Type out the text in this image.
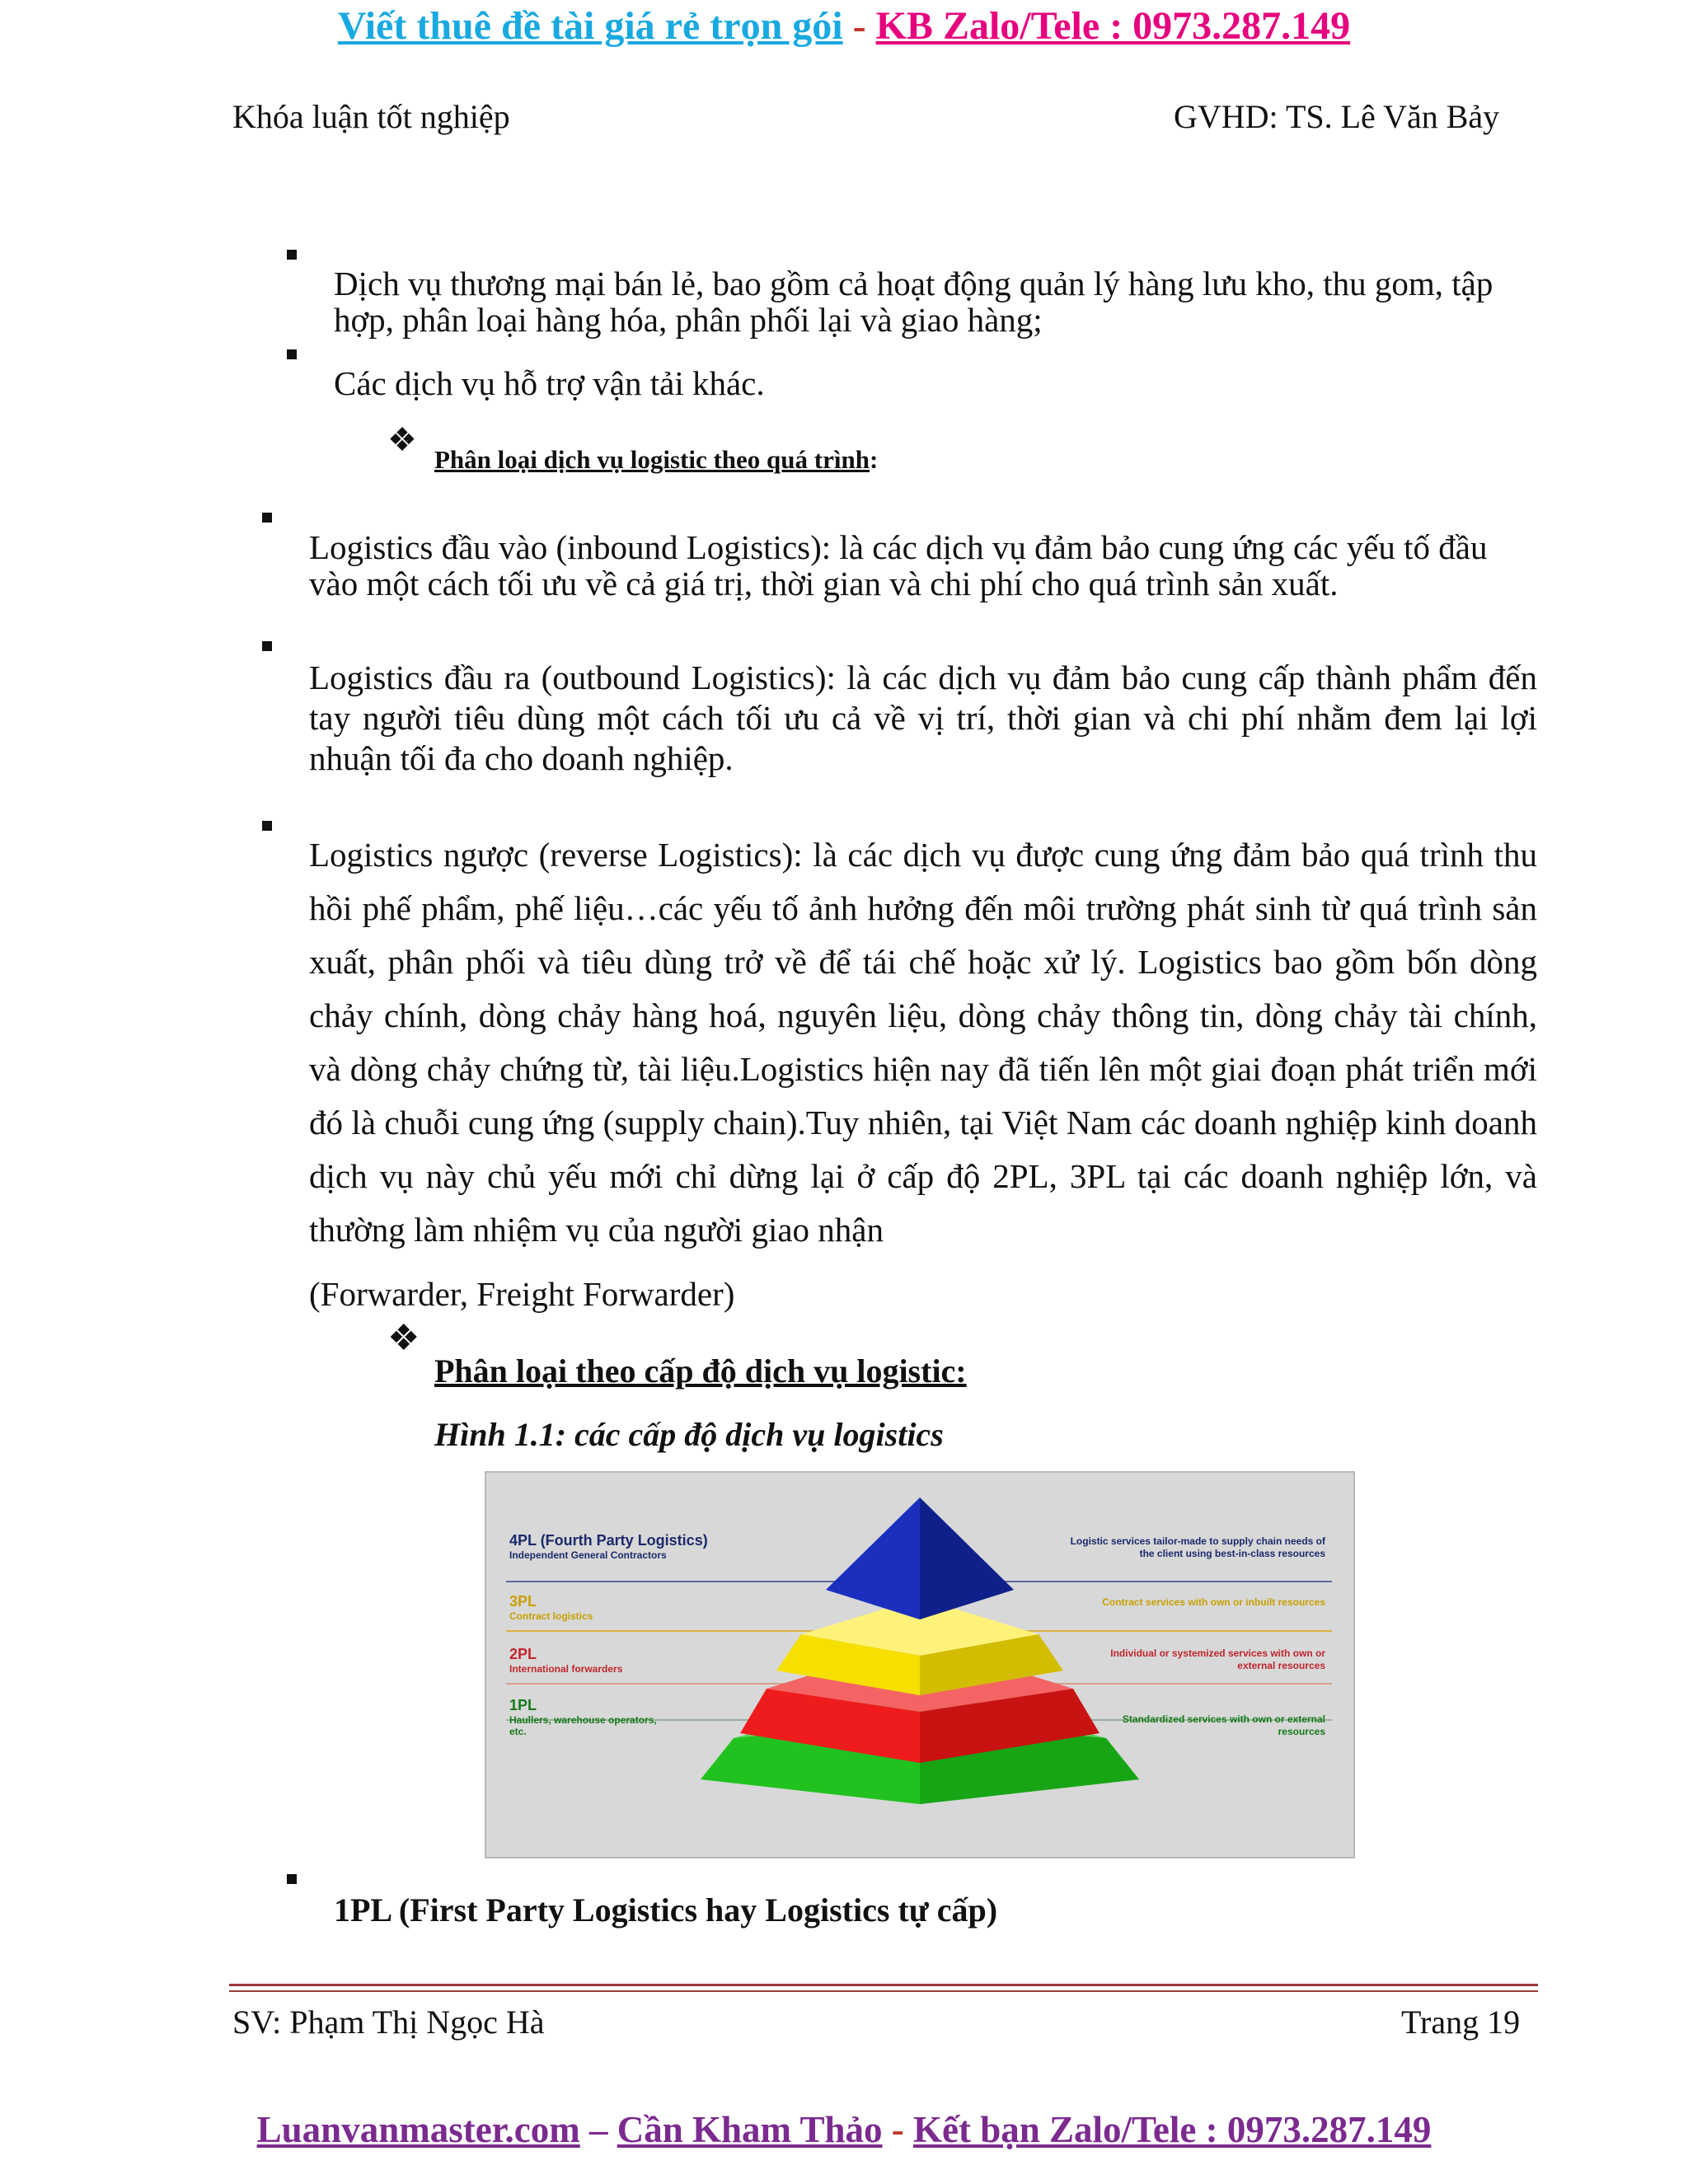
Viết thuê đề tài giá rẻ trọn gói - KB Zalo/Tele : 0973.287.149
Khóa luận tốt nghiệp	GVHD: TS. Lê Văn Bảy
Dịch vụ thương mại bán lẻ, bao gồm cả hoạt động quản lý hàng lưu kho, thu gom, tập hợp, phân loại hàng hóa, phân phối lại và giao hàng;
Các dịch vụ hỗ trợ vận tải khác.
❖
Phân loại dịch vụ logistic theo quá trình:
Logistics đầu vào (inbound Logistics): là các dịch vụ đảm bảo cung ứng các yếu tố đầu vào một cách tối ưu về cả giá trị, thời gian và chi phí cho quá trình sản xuất.
Logistics đầu ra (outbound Logistics): là các dịch vụ đảm bảo cung cấp thành phẩm đến tay người tiêu dùng một cách tối ưu cả về vị trí, thời gian và chi phí nhằm đem lại lợi nhuận tối đa cho doanh nghiệp.
Logistics ngược (reverse Logistics): là các dịch vụ được cung ứng đảm bảo quá trình thu hồi phế phẩm, phế liệu…các yếu tố ảnh hưởng đến môi trường phát sinh từ quá trình sản xuất, phân phối và tiêu dùng trở về để tái chế hoặc xử lý. Logistics bao gồm bốn dòng chảy chính, dòng chảy hàng hoá, nguyên liệu, dòng chảy thông tin, dòng chảy tài chính, và dòng chảy chứng từ, tài liệu.Logistics hiện nay đã tiến lên một giai đoạn phát triển mới đó là chuỗi cung ứng (supply chain).Tuy nhiên, tại Việt Nam các doanh nghiệp kinh doanh dịch vụ này chủ yếu mới chỉ dừng lại ở cấp độ 2PL, 3PL tại các doanh nghiệp lớn, và thường làm nhiệm vụ của người giao nhận
(Forwarder, Freight Forwarder)
❖
Phân loại theo cấp độ dịch vụ logistic:
Hình 1.1: các cấp độ dịch vụ logistics
4PL (Fourth Party Logistics)
Independent General Contractors
3PL
Contract logistics
2PL
International forwarders
1PL
Haullers, warehouse operators, etc.
Logistic services tailor-made to supply chain needs of the client using best-in-class resources
Contract services with own or inbuilt resources
Individual or systemized services with own or external resources
Standardized services with own or external resources
1PL (First Party Logistics hay Logistics tự cấp)
SV: Phạm Thị Ngọc Hà	Trang 19
Luanvanmaster.com – Cần Kham Thảo - Kết bạn Zalo/Tele : 0973.287.149
